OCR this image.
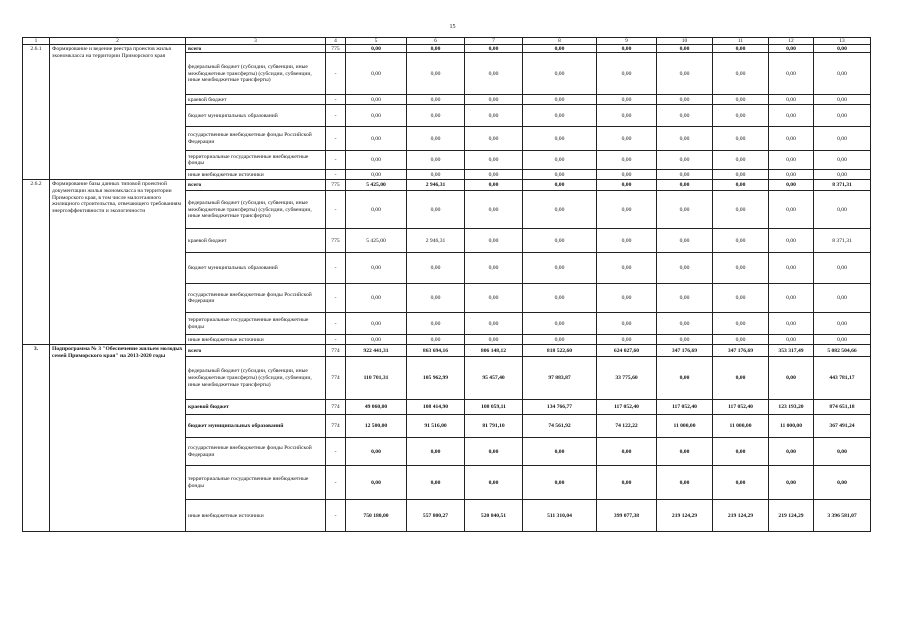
15
1	2	3	4	5	6	7	8	9	10	11	12	13
2.6.1	Формирование и ведение реестра проектов жилья экономкласса на территории Приморского края	всего	775	0,00	0,00	0,00	0,00	0,00	0,00	0,00	0,00	0,00
		федеральный бюджет (субсидии, субвенции, иные межбюджетные трансферты) (субсидии, субвенции, иные межбюджетные трансферты)	-	0,00	0,00	0,00	0,00	0,00	0,00	0,00	0,00	0,00
		краевой бюджет	-	0,00	0,00	0,00	0,00	0,00	0,00	0,00	0,00	0,00
		бюджет муниципальных образований	-	0,00	0,00	0,00	0,00	0,00	0,00	0,00	0,00	0,00
		государственные внебюджетные фонды Российской Федерации	-	0,00	0,00	0,00	0,00	0,00	0,00	0,00	0,00	0,00
		территориальные государственные внебюджетные фонды	-	0,00	0,00	0,00	0,00	0,00	0,00	0,00	0,00	0,00
		иные внебюджетные источники	-	0,00	0,00	0,00	0,00	0,00	0,00	0,00	0,00	0,00
2.6.2	Формирование базы данных типовой проектной документации жилья экономкласса на территории Приморского края, в том числе малоэтажного жилищного строительства, отвечающего требованиям энергоэффективности и экологичности	всего	775	5 425,00	2 946,31	0,00	0,00	0,00	0,00	0,00	0,00	8 371,31
		федеральный бюджет (субсидии, субвенции, иные межбюджетные трансферты) (субсидии, субвенции, иные межбюджетные трансферты)	-	0,00	0,00	0,00	0,00	0,00	0,00	0,00	0,00	0,00
		краевой бюджет	775	5 425,00	2 946,31	0,00	0,00	0,00	0,00	0,00	0,00	8 371,31
		бюджет муниципальных образований	-	0,00	0,00	0,00	0,00	0,00	0,00	0,00	0,00	0,00
		государственные внебюджетные фонды Российской Федерации	-	0,00	0,00	0,00	0,00	0,00	0,00	0,00	0,00	0,00
		территориальные государственные внебюджетные фонды	-	0,00	0,00	0,00	0,00	0,00	0,00	0,00	0,00	0,00
		иные внебюджетные источники	-	0,00	0,00	0,00	0,00	0,00	0,00	0,00	0,00	0,00
3.	Подпрограмма № 3 "Обеспечение жильем молодых семей Приморского края" на 2013-2020 годы	всего	774	922 441,31	863 694,16	806 148,12	818 522,60	624 027,60	347 176,69	347 176,69	353 317,49	5 082 504,66
		федеральный бюджет (субсидии, субвенции, иные межбюджетные трансферты) (субсидии, субвенции, иные межбюджетные трансферты)	774	110 701,31	105 962,99	95 457,40	97 883,87	33 775,60	0,00	0,00	0,00	443 781,17
		краевой бюджет	774	49 060,00	108 414,90	108 059,11	134 766,77	117 052,40	117 052,40	117 052,40	123 193,20	874 651,18
		бюджет муниципальных образований	774	12 500,00	91 516,00	81 791,10	74 561,92	74 122,22	11 000,00	11 000,00	11 000,00	367 491,24
		государственные внебюджетные фонды Российской Федерации	-	0,00	0,00	0,00	0,00	0,00	0,00	0,00	0,00	0,00
		территориальные государственные внебюджетные фонды	-	0,00	0,00	0,00	0,00	0,00	0,00	0,00	0,00	0,00
		иные внебюджетные источники	-	750 180,00	557 800,27	520 840,51	511 310,04	399 077,38	219 124,29	219 124,29	219 124,29	3 396 581,07
